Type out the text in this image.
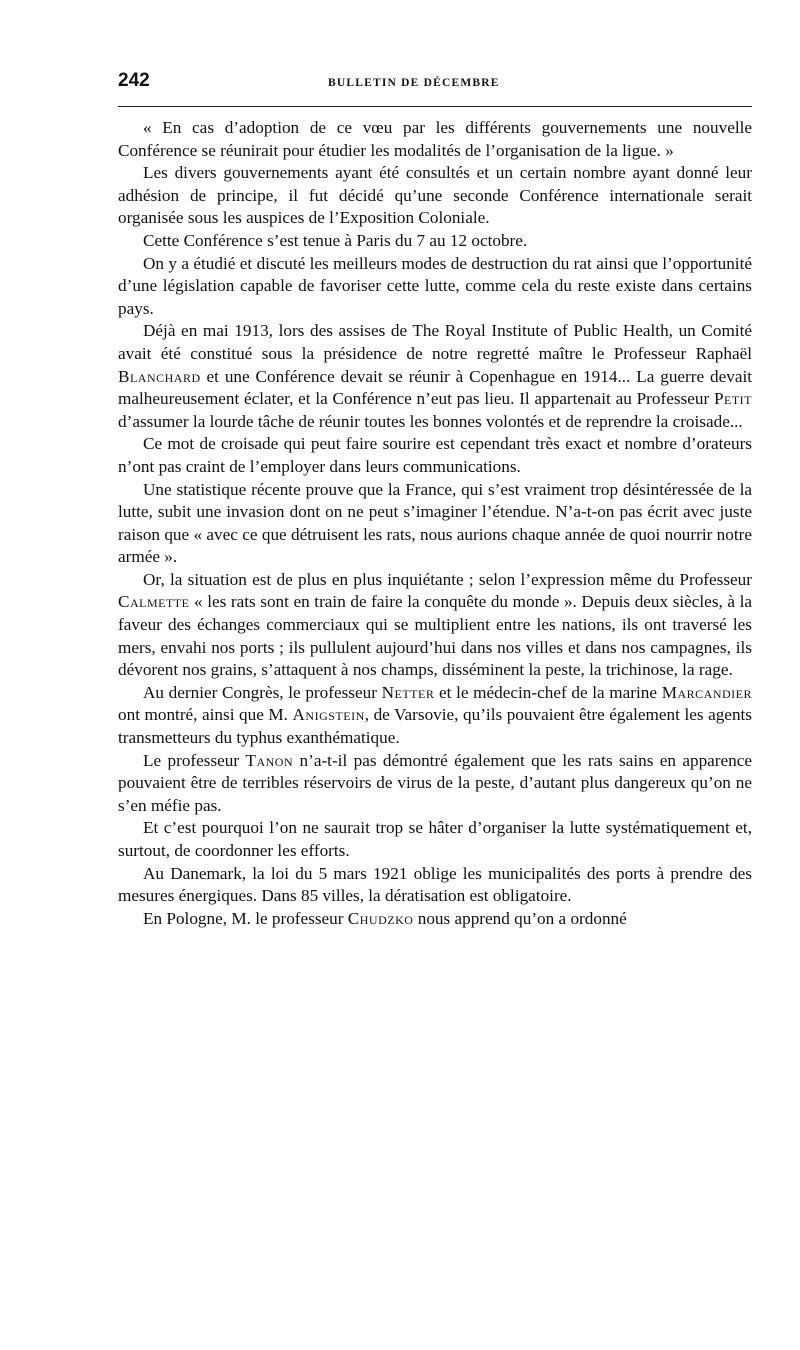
242	BULLETIN DE DÉCEMBRE

« En cas d’adoption de ce vœu par les différents gouvernements une nouvelle Conférence se réunirait pour étudier les modalités de l’organisation de la ligue. »

Les divers gouvernements ayant été consultés et un certain nombre ayant donné leur adhésion de principe, il fut décidé qu’une seconde Conférence internationale serait organisée sous les auspices de l’Exposition Coloniale.

Cette Conférence s’est tenue à Paris du 7 au 12 octobre.

On y a étudié et discuté les meilleurs modes de destruction du rat ainsi que l’opportunité d’une législation capable de favoriser cette lutte, comme cela du reste existe dans certains pays.

Déjà en mai 1913, lors des assises de The Royal Institute of Public Health, un Comité avait été constitué sous la présidence de notre regretté maître le Professeur Raphaël Blanchard et une Conférence devait se réunir à Copenhague en 1914... La guerre devait malheureusement éclater, et la Conférence n’eut pas lieu. Il appartenait au Professeur Petit d’assumer la lourde tâche de réunir toutes les bonnes volontés et de reprendre la croisade...

Ce mot de croisade qui peut faire sourire est cependant très exact et nombre d’orateurs n’ont pas craint de l’employer dans leurs communications.

Une statistique récente prouve que la France, qui s’est vraiment trop désintéressée de la lutte, subit une invasion dont on ne peut s’imaginer l’étendue. N’a-t-on pas écrit avec juste raison que « avec ce que détruisent les rats, nous aurions chaque année de quoi nourrir notre armée ».

Or, la situation est de plus en plus inquiétante ; selon l’expression même du Professeur Calmette « les rats sont en train de faire la conquête du monde ». Depuis deux siècles, à la faveur des échanges commerciaux qui se multiplient entre les nations, ils ont traversé les mers, envahi nos ports ; ils pullulent aujourd’hui dans nos villes et dans nos campagnes, ils dévorent nos grains, s’attaquent à nos champs, disséminent la peste, la trichinose, la rage.

Au dernier Congrès, le professeur Netter et le médecin-chef de la marine Marcandier ont montré, ainsi que M. Anigstein, de Varsovie, qu’ils pouvaient être également les agents transmetteurs du typhus exanthématique.

Le professeur Tanon n’a-t-il pas démontré également que les rats sains en apparence pouvaient être de terribles réservoirs de virus de la peste, d’autant plus dangereux qu’on ne s’en méfie pas.

Et c’est pourquoi l’on ne saurait trop se hâter d’organiser la lutte systématiquement et, surtout, de coordonner les efforts.

Au Danemark, la loi du 5 mars 1921 oblige les municipalités des ports à prendre des mesures énergiques. Dans 85 villes, la dératisation est obligatoire.

En Pologne, M. le professeur Chudzko nous apprend qu’on a ordonné
